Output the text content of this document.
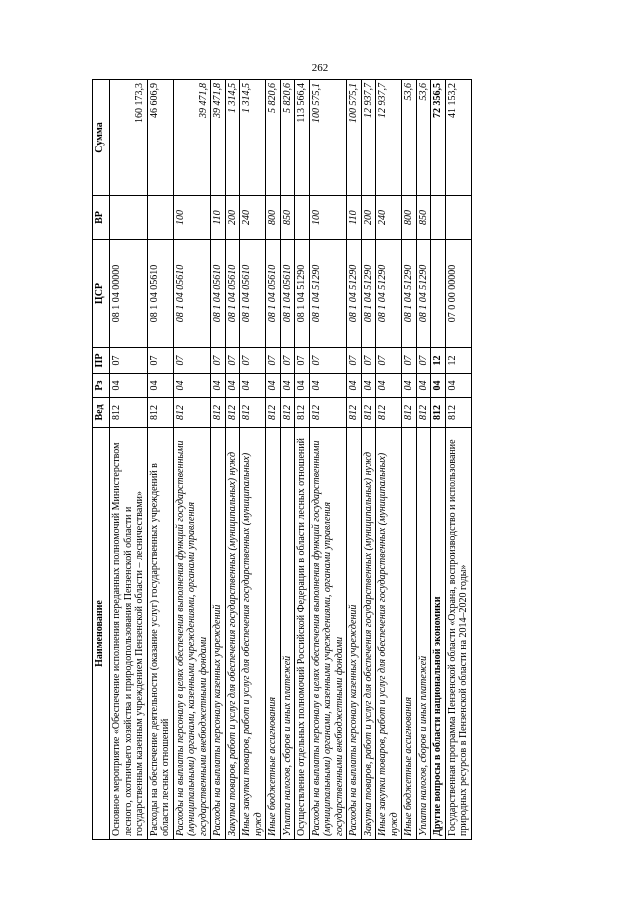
262
Наименование	Вед	Рз	ПР	ЦСР	ВР	Сумма
Основное мероприятие «Обеспечение исполнения переданных полномочий Министерством лесного, охотничьего хозяйства и природопользования Пензенской области и государственным казенным учреждением Пензенской области – лесничествами»	812	04	07	08 1 04 00000		160 173,3
Расходы на обеспечение деятельности (оказание услуг) государственных учреждений в области лесных отношений	812	04	07	08 1 04 05610		46 606,9
Расходы на выплаты персоналу в целях обеспечения выполнения функций государственными (муниципальными) органами, казенными учреждениями, органами управления государственными внебюджетными фондами	812	04	07	08 1 04 05610	100	39 471,8
Расходы на выплаты персоналу казенных учреждений	812	04	07	08 1 04 05610	110	39 471,8
Закупка товаров, работ и услуг для обеспечения государственных (муниципальных) нужд	812	04	07	08 1 04 05610	200	1 314,5
Иные закупки товаров, работ и услуг для обеспечения государственных (муниципальных) нужд	812	04	07	08 1 04 05610	240	1 314,5
Иные бюджетные ассигнования	812	04	07	08 1 04 05610	800	5 820,6
Уплата налогов, сборов и иных платежей	812	04	07	08 1 04 05610	850	5 820,6
Осуществление отдельных полномочий Российской Федерации в области лесных отношений	812	04	07	08 1 04 51290		113 566,4
Расходы на выплаты персоналу в целях обеспечения выполнения функций государственными (муниципальными) органами, казенными учреждениями, органами управления государственными внебюджетными фондами	812	04	07	08 1 04 51290	100	100 575,1
Расходы на выплаты персоналу казенных учреждений	812	04	07	08 1 04 51290	110	100 575,1
Закупка товаров, работ и услуг для обеспечения государственных (муниципальных) нужд	812	04	07	08 1 04 51290	200	12 937,7
Иные закупки товаров, работ и услуг для обеспечения государственных (муниципальных) нужд	812	04	07	08 1 04 51290	240	12 937,7
Иные бюджетные ассигнования	812	04	07	08 1 04 51290	800	53,6
Уплата налогов, сборов и иных платежей	812	04	07	08 1 04 51290	850	53,6
Другие вопросы в области национальной экономики	812	04	12			72 356,5
Государственная программа Пензенской области «Охрана, воспроизводство и использование природных ресурсов в Пензенской области на 2014–2020 годы»	812	04	12	07 0 00 00000		41 153,2
